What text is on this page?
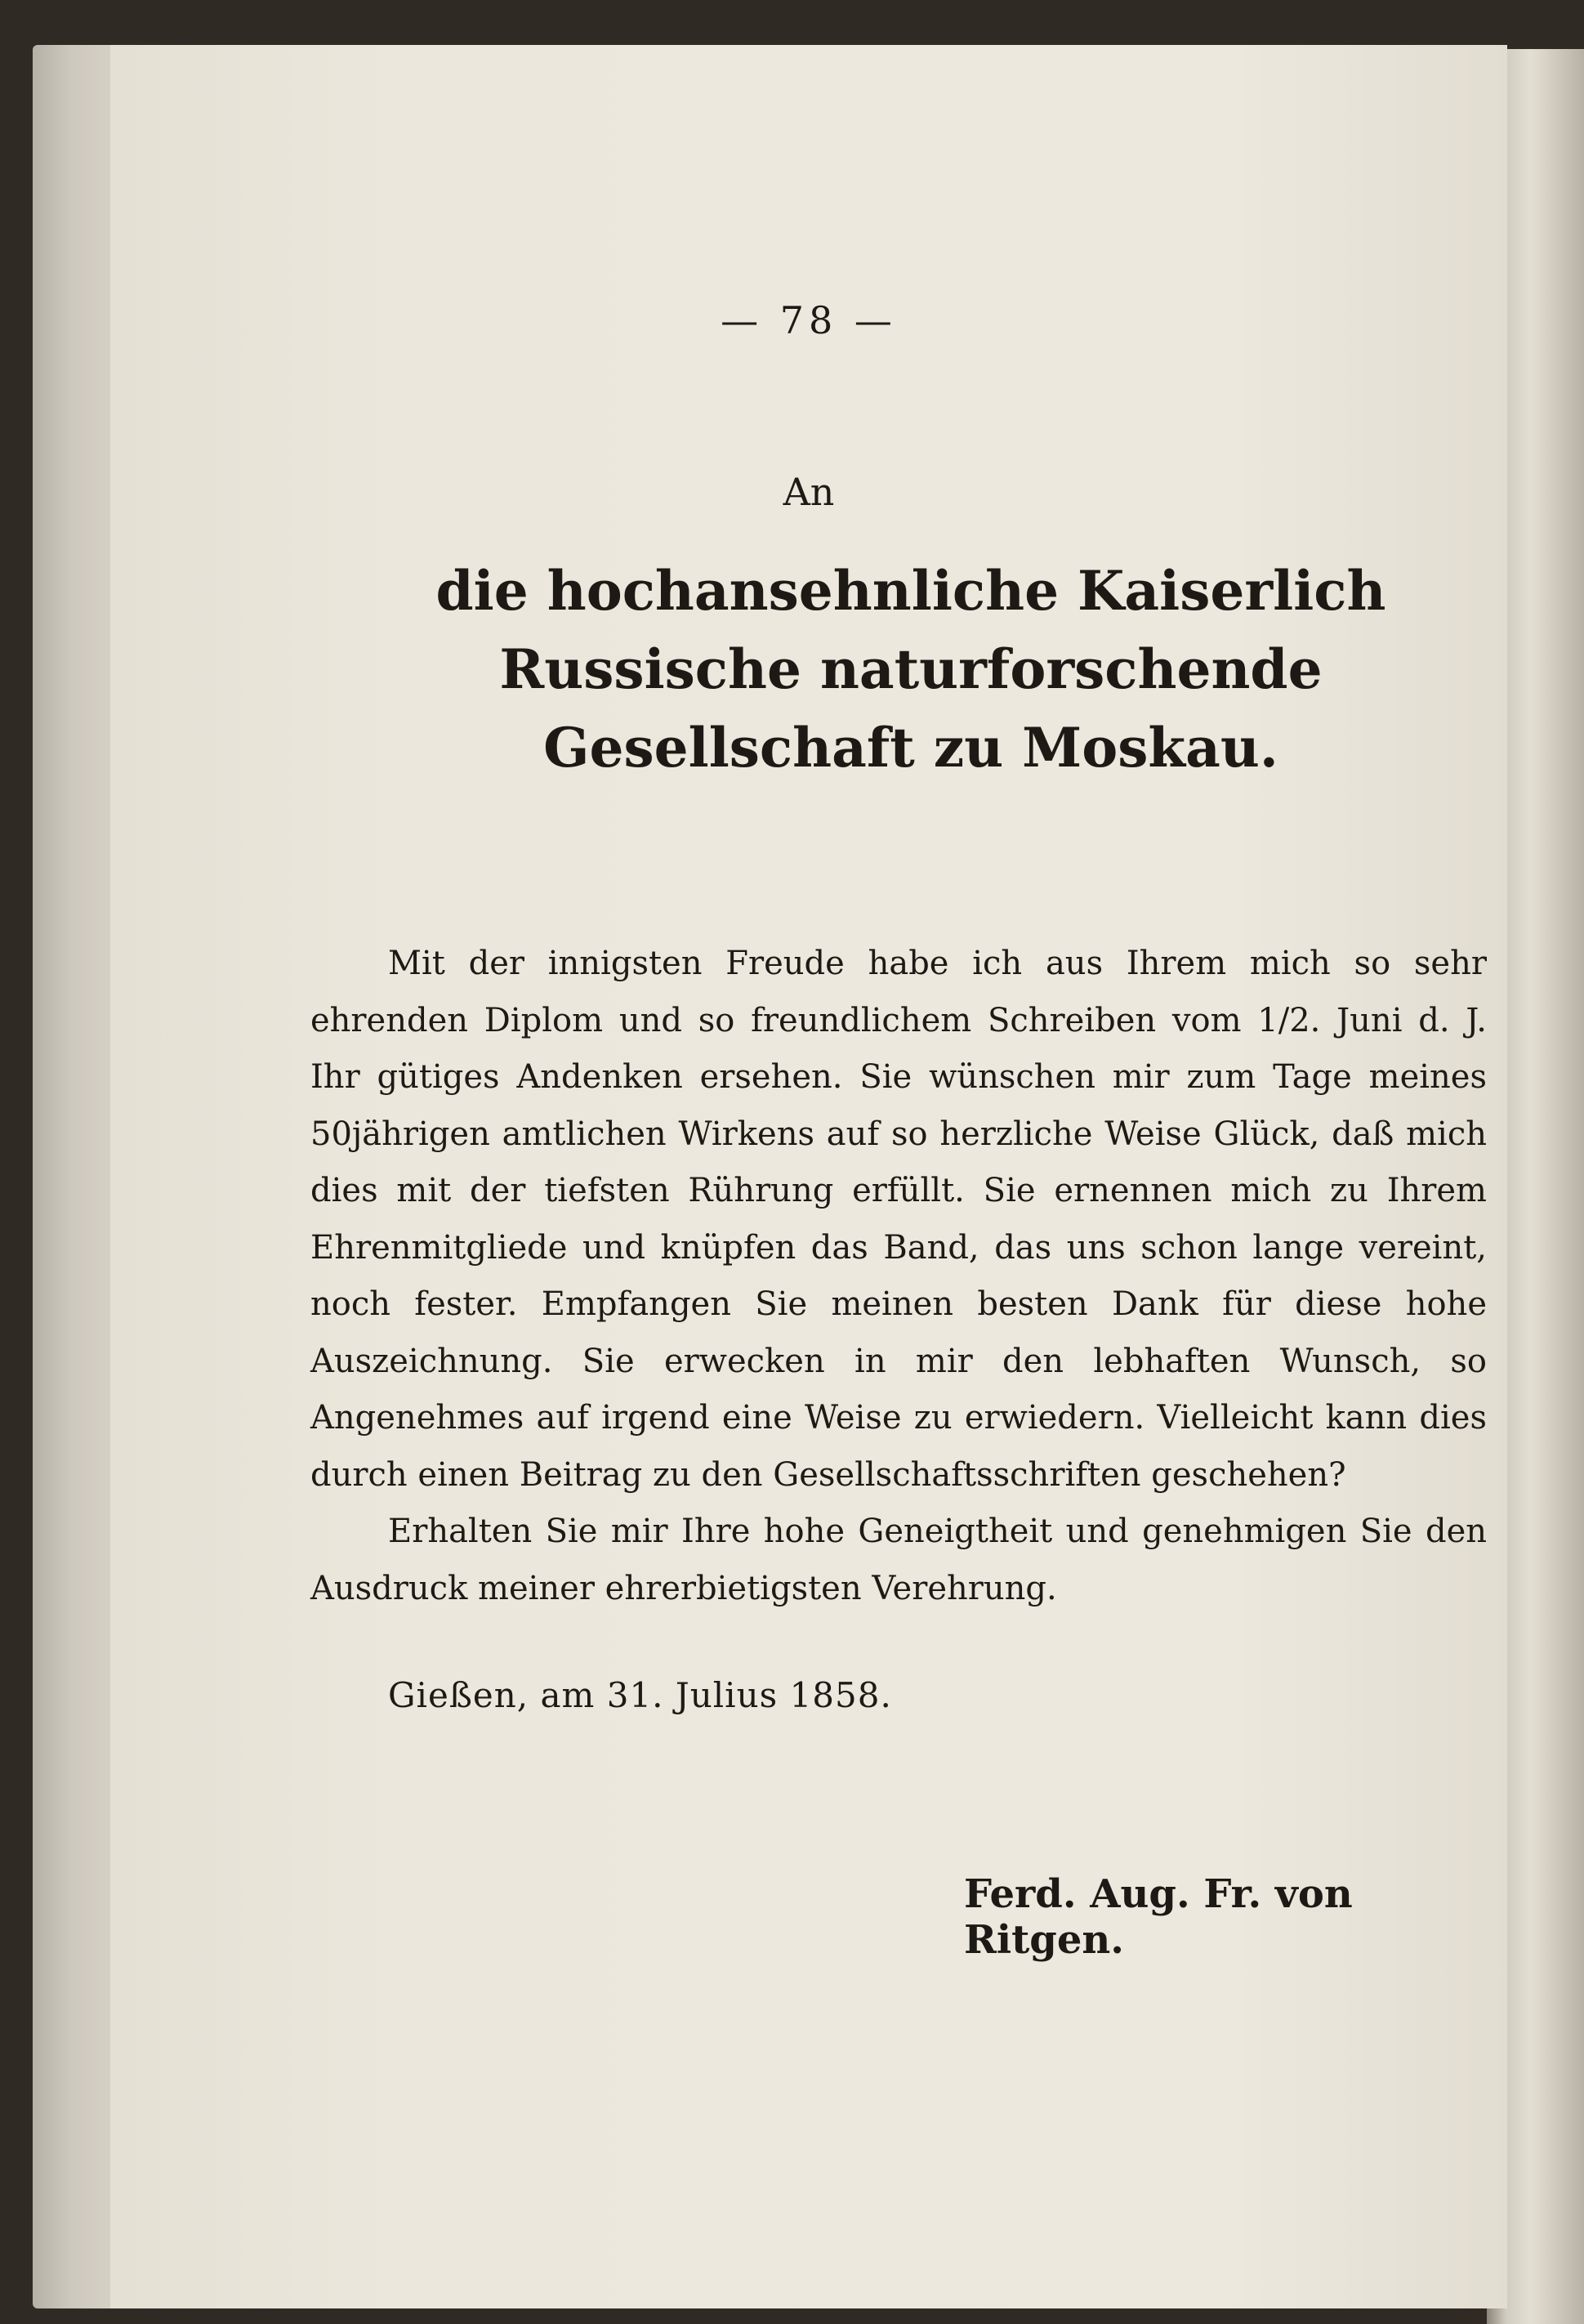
— 78 —
An
die hochansehnliche Kaiserlich Russische naturforschende Gesellschaft zu Moskau.

Mit der innigsten Freude habe ich aus Ihrem mich so sehr ehrenden Diplom und so freundlichem Schreiben vom 1/2. Juni d. J. Ihr gütiges Andenken ersehen. Sie wünschen mir zum Tage meines 50jährigen amtlichen Wirkens auf so herzliche Weise Glück, daß mich dies mit der tiefsten Rührung erfüllt. Sie ernennen mich zu Ihrem Ehrenmitgliede und knüpfen das Band, das uns schon lange vereint, noch fester. Empfangen Sie meinen besten Dank für diese hohe Auszeichnung. Sie erwecken in mir den lebhaften Wunsch, so Angenehmes auf irgend eine Weise zu erwiedern. Vielleicht kann dies durch einen Beitrag zu den Gesellschaftsschriften geschehen?

Erhalten Sie mir Ihre hohe Geneigtheit und genehmigen Sie den Ausdruck meiner ehrerbietigsten Verehrung.

Gießen, am 31. Julius 1858.
Ferd. Aug. Fr. von Ritgen.
